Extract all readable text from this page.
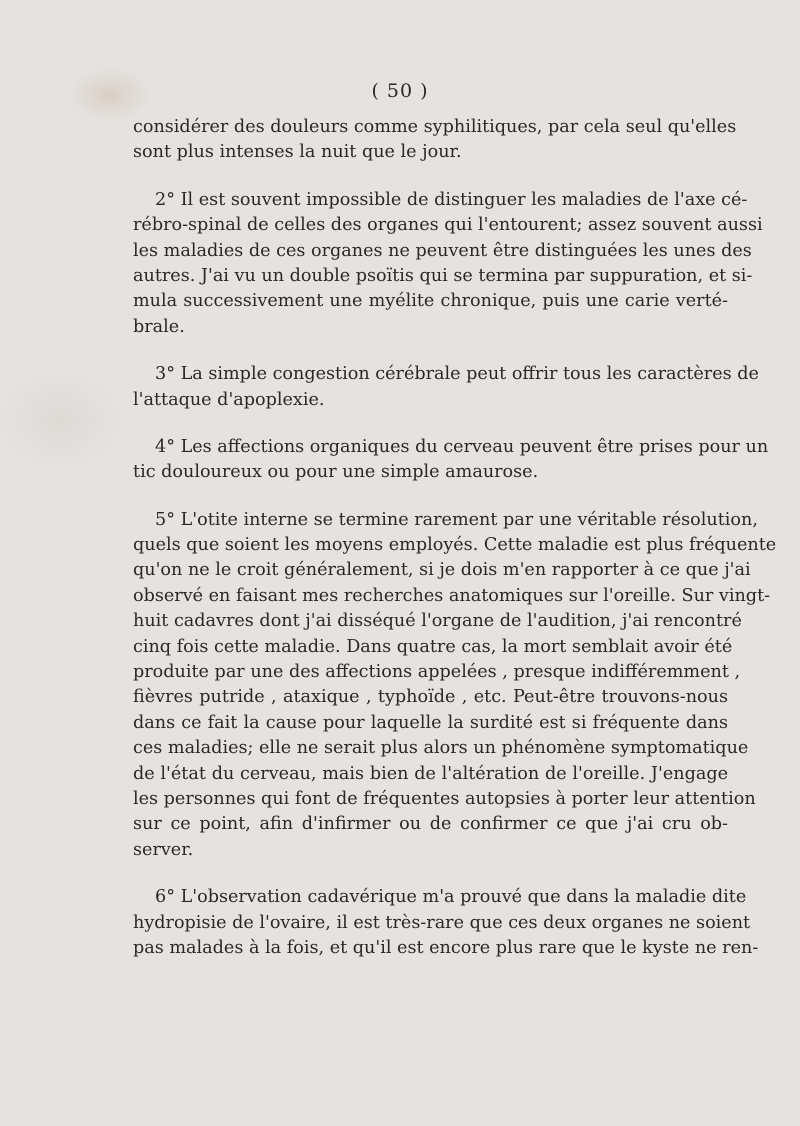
( 50 )
considérer des douleurs comme syphilitiques, par cela seul qu'elles
sont plus intenses la nuit que le jour.
2° Il est souvent impossible de distinguer les maladies de l'axe cé-
rébro-spinal de celles des organes qui l'entourent; assez souvent aussi
les maladies de ces organes ne peuvent être distinguées les unes des
autres. J'ai vu un double psoïtis qui se termina par suppuration, et si-
mula successivement une myélite chronique, puis une carie verté-
brale.
3° La simple congestion cérébrale peut offrir tous les caractères de
l'attaque d'apoplexie.
4° Les affections organiques du cerveau peuvent être prises pour un
tic douloureux ou pour une simple amaurose.
5° L'otite interne se termine rarement par une véritable résolution,
quels que soient les moyens employés. Cette maladie est plus fréquente
qu'on ne le croit généralement, si je dois m'en rapporter à ce que j'ai
observé en faisant mes recherches anatomiques sur l'oreille. Sur vingt-
huit cadavres dont j'ai disséqué l'organe de l'audition, j'ai rencontré
cinq fois cette maladie. Dans quatre cas, la mort semblait avoir été
produite par une des affections appelées , presque indifféremment ,
fièvres putride , ataxique , typhoïde , etc. Peut-être trouvons-nous
dans ce fait la cause pour laquelle la surdité est si fréquente dans
ces maladies; elle ne serait plus alors un phénomène symptomatique
de l'état du cerveau, mais bien de l'altération de l'oreille. J'engage
les personnes qui font de fréquentes autopsies à porter leur attention
sur ce point, afin d'infirmer ou de confirmer ce que j'ai cru ob-
server.
6° L'observation cadavérique m'a prouvé que dans la maladie dite
hydropisie de l'ovaire, il est très-rare que ces deux organes ne soient
pas malades à la fois, et qu'il est encore plus rare que le kyste ne ren-
